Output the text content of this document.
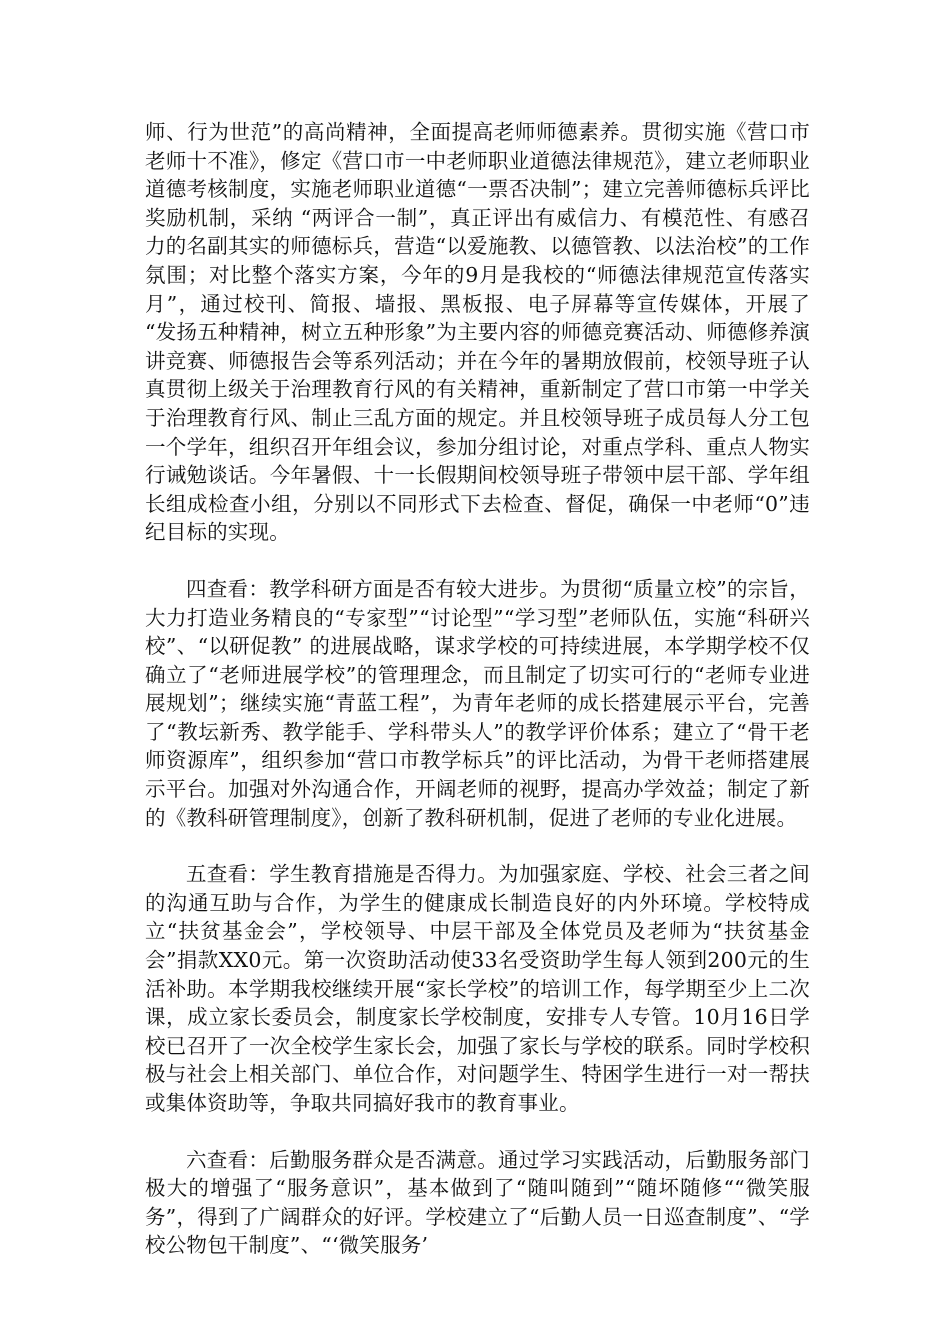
师、行为世范”的高尚精神，全面提高老师师德素养。贯彻实施《营口市老师十不准》，修定《营口市一中老师职业道德法律规范》，建立老师职业道德考核制度，实施老师职业道德“一票否决制”；建立完善师德标兵评比奖励机制，采纳 “两评合一制”，真正评出有威信力、有模范性、有感召力的名副其实的师德标兵，营造“以爱施教、以德管教、以法治校”的工作氛围；对比整个落实方案，今年的9月是我校的“师德法律规范宣传落实月”，通过校刊、简报、墙报、黑板报、电子屏幕等宣传媒体，开展了 “发扬五种精神，树立五种形象”为主要内容的师德竞赛活动、师德修养演讲竞赛、师德报告会等系列活动；并在今年的暑期放假前，校领导班子认真贯彻上级关于治理教育行风的有关精神，重新制定了营口市第一中学关于治理教育行风、制止三乱方面的规定。并且校领导班子成员每人分工包一个学年，组织召开年组会议，参加分组讨论，对重点学科、重点人物实行诫勉谈话。今年暑假、十一长假期间校领导班子带领中层干部、学年组长组成检查小组，分别以不同形式下去检查、督促，确保一中老师“0”违纪目标的实现。

四查看：教学科研方面是否有较大进步。为贯彻“质量立校”的宗旨，大力打造业务精良的“专家型”“讨论型”“学习型”老师队伍，实施“科研兴校”、“以研促教” 的进展战略，谋求学校的可持续进展，本学期学校不仅确立了“老师进展学校”的管理理念，而且制定了切实可行的“老师专业进展规划”；继续实施“青蓝工程”，为青年老师的成长搭建展示平台，完善了“教坛新秀、教学能手、学科带头人”的教学评价体系；建立了“骨干老师资源库”，组织参加“营口市教学标兵”的评比活动，为骨干老师搭建展示平台。加强对外沟通合作，开阔老师的视野，提高办学效益；制定了新的《教科研管理制度》，创新了教科研机制，促进了老师的专业化进展。

五查看：学生教育措施是否得力。为加强家庭、学校、社会三者之间的沟通互助与合作，为学生的健康成长制造良好的内外环境。学校特成立“扶贫基金会”，学校领导、中层干部及全体党员及老师为“扶贫基金会”捐款XX0元。第一次资助活动使33名受资助学生每人领到200元的生活补助。本学期我校继续开展“家长学校”的培训工作，每学期至少上二次课，成立家长委员会，制度家长学校制度，安排专人专管。10月16日学校已召开了一次全校学生家长会，加强了家长与学校的联系。同时学校积极与社会上相关部门、单位合作，对问题学生、特困学生进行一对一帮扶或集体资助等，争取共同搞好我市的教育事业。

六查看：后勤服务群众是否满意。通过学习实践活动，后勤服务部门极大的增强了“服务意识”，基本做到了“随叫随到”“随坏随修““微笑服务”，得到了广阔群众的好评。学校建立了“后勤人员一日巡查制度”、“学校公物包干制度”、“‘微笑服务’
